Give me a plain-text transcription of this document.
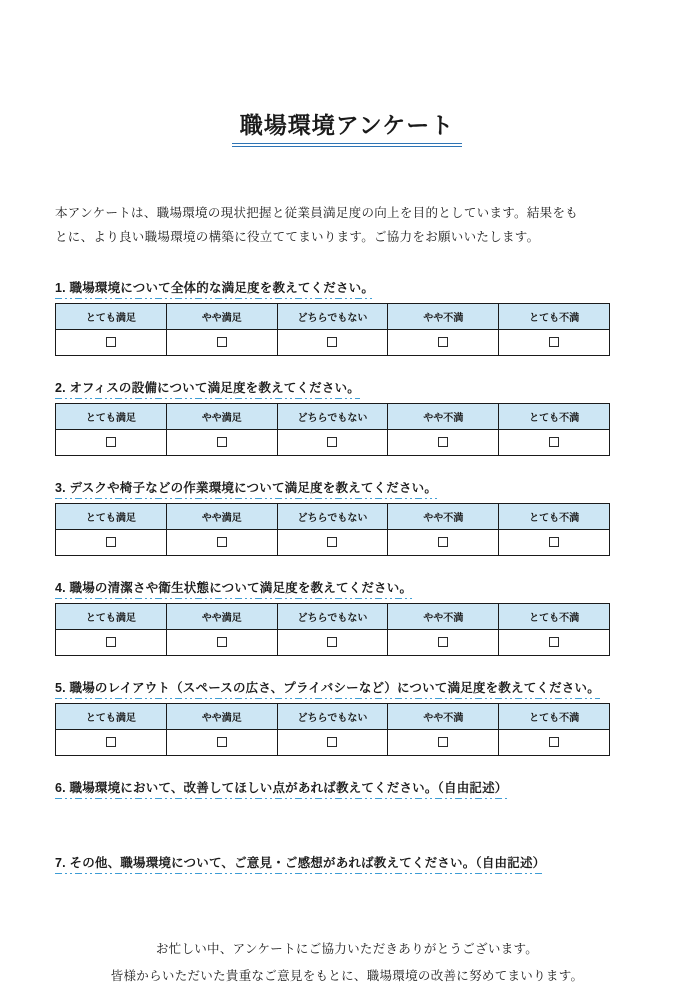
職場環境アンケート
本アンケートは、職場環境の現状把握と従業員満足度の向上を目的としています。結果をも
とに、より良い職場環境の構築に役立ててまいります。ご協力をお願いいたします。
1. 職場環境について全体的な満足度を教えてください。
とても満足	やや満足	どちらでもない	やや不満	とても不満

2. オフィスの設備について満足度を教えてください。
とても満足	やや満足	どちらでもない	やや不満	とても不満

3. デスクや椅子などの作業環境について満足度を教えてください。
とても満足	やや満足	どちらでもない	やや不満	とても不満

4. 職場の清潔さや衛生状態について満足度を教えてください。
とても満足	やや満足	どちらでもない	やや不満	とても不満

5. 職場のレイアウト（スペースの広さ、プライバシーなど）について満足度を教えてください。
とても満足	やや満足	どちらでもない	やや不満	とても不満

6. 職場環境において、改善してほしい点があれば教えてください。（自由記述）
7. その他、職場環境について、ご意見・ご感想があれば教えてください。（自由記述）
お忙しい中、アンケートにご協力いただきありがとうございます。
皆様からいただいた貴重なご意見をもとに、職場環境の改善に努めてまいります。
